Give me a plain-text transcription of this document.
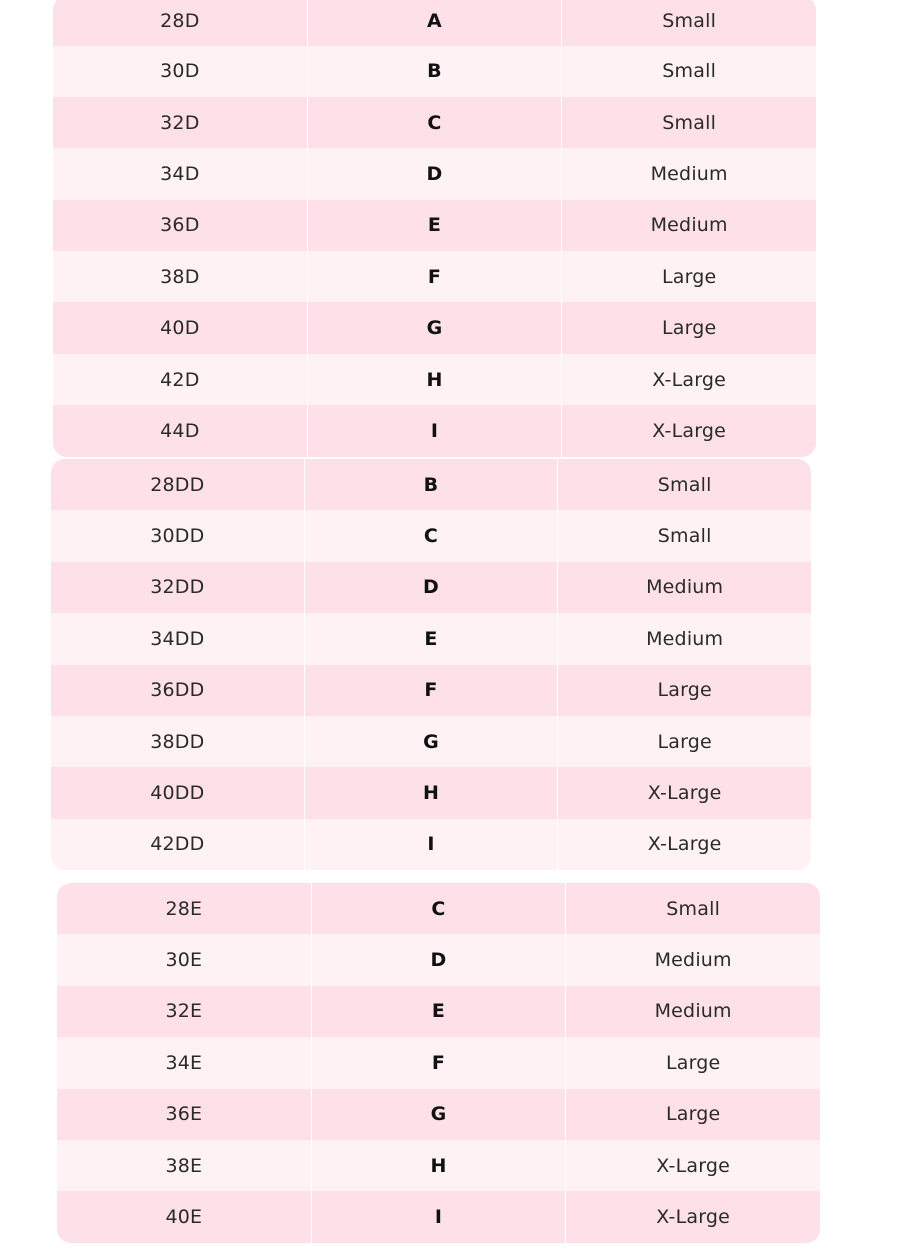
28D	A	Small
30D	B	Small
32D	C	Small
34D	D	Medium
36D	E	Medium
38D	F	Large
40D	G	Large
42D	H	X-Large
44D	I	X-Large
28DD	B	Small
30DD	C	Small
32DD	D	Medium
34DD	E	Medium
36DD	F	Large
38DD	G	Large
40DD	H	X-Large
42DD	I	X-Large
28E	C	Small
30E	D	Medium
32E	E	Medium
34E	F	Large
36E	G	Large
38E	H	X-Large
40E	I	X-Large
